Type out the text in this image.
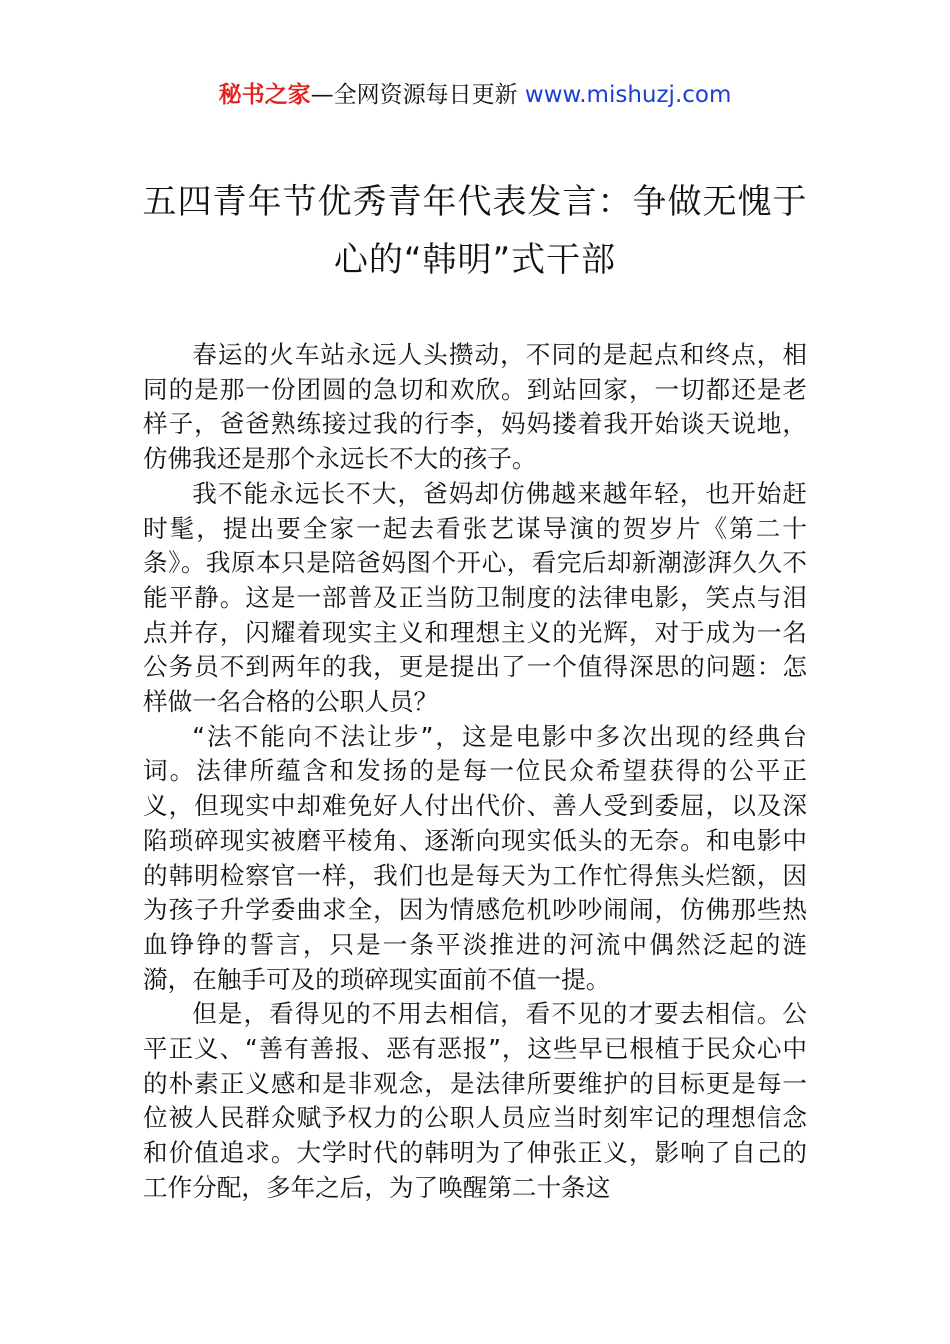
秘书之家—全网资源每日更新 www.mishuzj.com
五四青年节优秀青年代表发言：争做无愧于心的“韩明”式干部

春运的火车站永远人头攒动，不同的是起点和终点，相同的是那一份团圆的急切和欢欣。到站回家，一切都还是老样子，爸爸熟练接过我的行李，妈妈搂着我开始谈天说地，仿佛我还是那个永远长不大的孩子。

我不能永远长不大，爸妈却仿佛越来越年轻，也开始赶时髦，提出要全家一起去看张艺谋导演的贺岁片《第二十条》。我原本只是陪爸妈图个开心，看完后却新潮澎湃久久不能平静。这是一部普及正当防卫制度的法律电影，笑点与泪点并存，闪耀着现实主义和理想主义的光辉，对于成为一名公务员不到两年的我，更是提出了一个值得深思的问题：怎样做一名合格的公职人员？

“法不能向不法让步”，这是电影中多次出现的经典台词。法律所蕴含和发扬的是每一位民众希望获得的公平正义，但现实中却难免好人付出代价、善人受到委屈，以及深陷琐碎现实被磨平棱角、逐渐向现实低头的无奈。和电影中的韩明检察官一样，我们也是每天为工作忙得焦头烂额，因为孩子升学委曲求全，因为情感危机吵吵闹闹，仿佛那些热血铮铮的誓言，只是一条平淡推进的河流中偶然泛起的涟漪，在触手可及的琐碎现实面前不值一提。

但是，看得见的不用去相信，看不见的才要去相信。公平正义、“善有善报、恶有恶报”，这些早已根植于民众心中的朴素正义感和是非观念，是法律所要维护的目标更是每一位被人民群众赋予权力的公职人员应当时刻牢记的理想信念和价值追求。大学时代的韩明为了伸张正义，影响了自己的工作分配，多年之后，为了唤醒第二十条这
